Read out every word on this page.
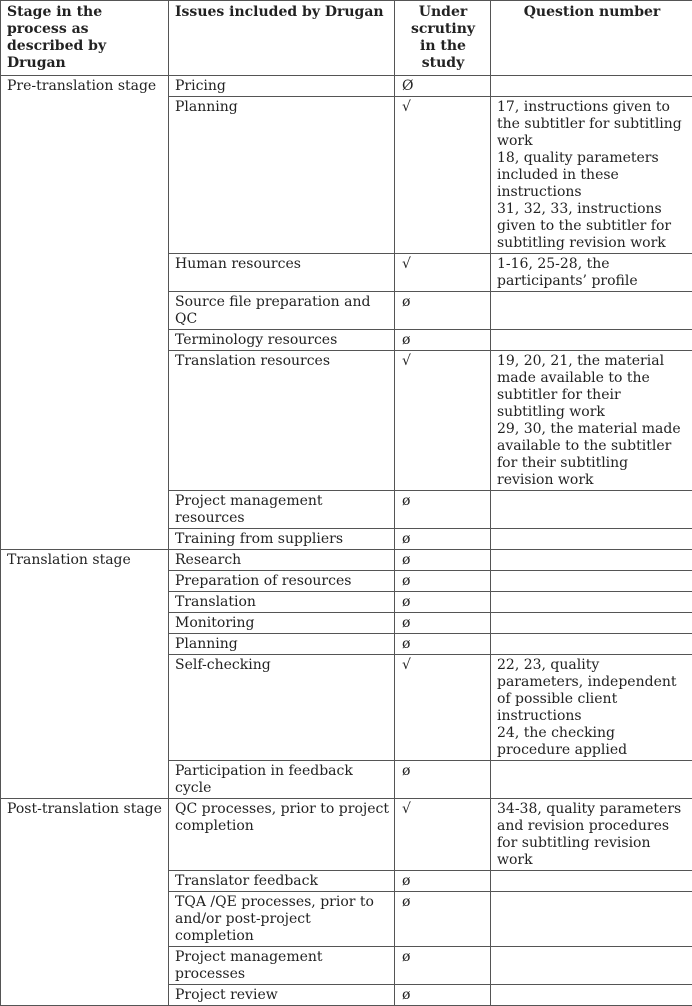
Stage in the process as described by Drugan	Issues included by Drugan	Under scrutiny in the study	Question number
Pre-translation stage	Pricing	Ø	
	Planning	√	17, instructions given to the subtitler for subtitling work
18, quality parameters included in these instructions
31, 32, 33, instructions given to the subtitler for subtitling revision work
	Human resources	√	1-16, 25-28, the participants’ profile
	Source file preparation and QC	ø	
	Terminology resources	ø	
	Translation resources	√	19, 20, 21, the material made available to the subtitler for their subtitling work
29, 30, the material made available to the subtitler for their subtitling revision work
	Project management resources	ø	
	Training from suppliers	ø	
Translation stage	Research	ø	
	Preparation of resources	ø	
	Translation	ø	
	Monitoring	ø	
	Planning	ø	
	Self-checking	√	22, 23, quality parameters, independent of possible client instructions
24, the checking procedure applied
	Participation in feedback cycle	ø	
Post-translation stage	QC processes, prior to project completion	√	34-38, quality parameters and revision procedures for subtitling revision work
	Translator feedback	ø	
	TQA /QE processes, prior to and/or post-project completion	ø	
	Project management processes	ø	
	Project review	ø	
